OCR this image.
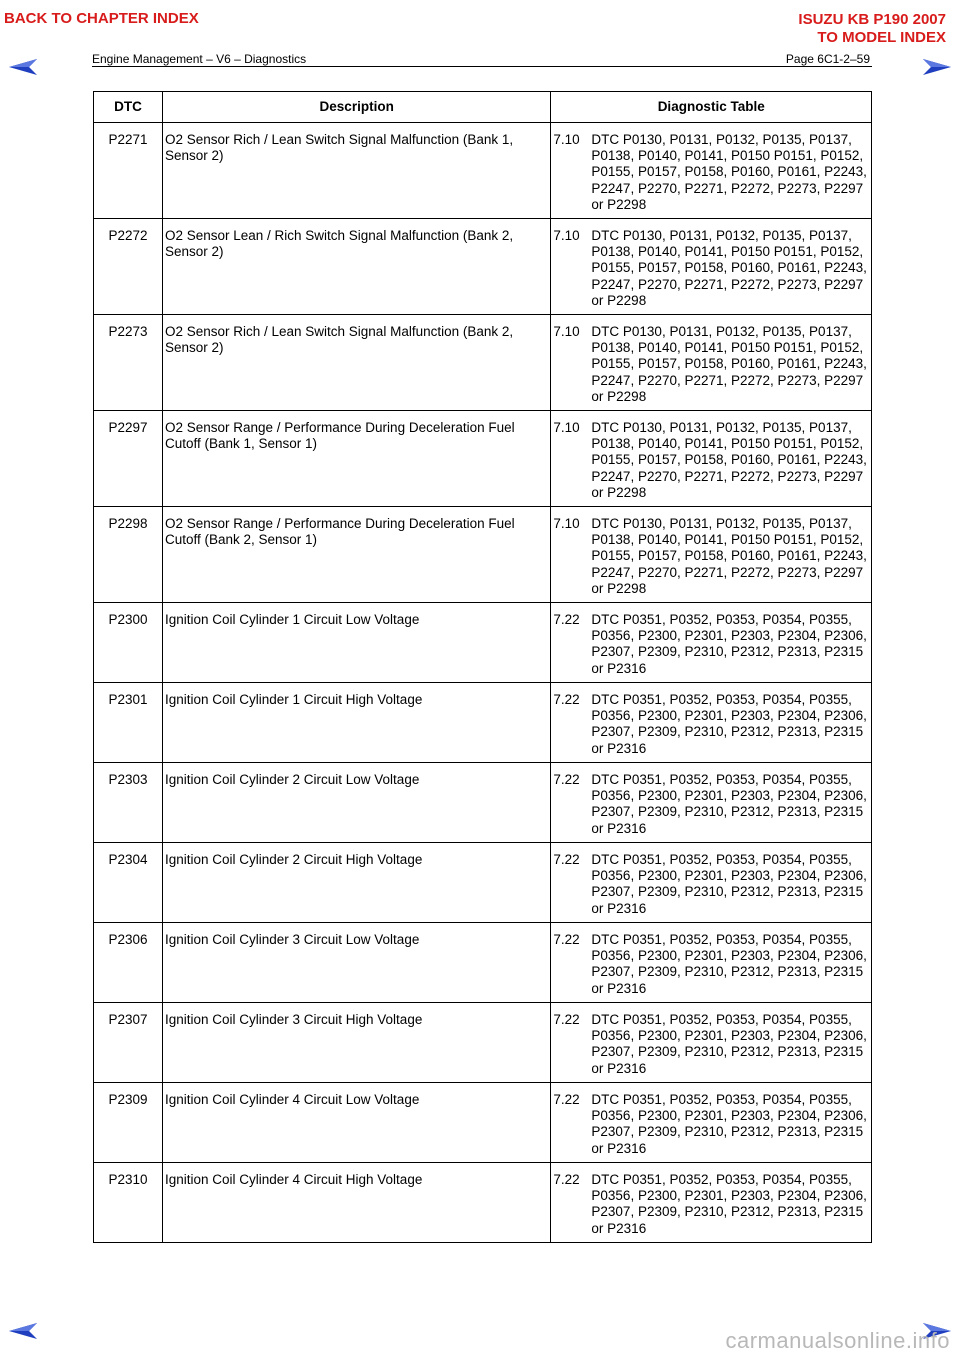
BACK TO CHAPTER INDEX	ISUZU KB P190 2007
TO MODEL INDEX
Engine Management – V6 – Diagnostics	Page 6C1-2–59
DTC	Description	Diagnostic Table
P2271	O2 Sensor Rich / Lean Switch Signal Malfunction (Bank 1, Sensor 2)	7.10 DTC P0130, P0131, P0132, P0135, P0137, P0138, P0140, P0141, P0150 P0151, P0152, P0155, P0157, P0158, P0160, P0161, P2243, P2247, P2270, P2271, P2272, P2273, P2297 or P2298

P2272	O2 Sensor Lean / Rich Switch Signal Malfunction (Bank 2, Sensor 2)	7.10 DTC P0130, P0131, P0132, P0135, P0137, P0138, P0140, P0141, P0150 P0151, P0152, P0155, P0157, P0158, P0160, P0161, P2243, P2247, P2270, P2271, P2272, P2273, P2297 or P2298

P2273	O2 Sensor Rich / Lean Switch Signal Malfunction (Bank 2, Sensor 2)	7.10 DTC P0130, P0131, P0132, P0135, P0137, P0138, P0140, P0141, P0150 P0151, P0152, P0155, P0157, P0158, P0160, P0161, P2243, P2247, P2270, P2271, P2272, P2273, P2297 or P2298

P2297	O2 Sensor Range / Performance During Deceleration Fuel Cutoff (Bank 1, Sensor 1)	7.10 DTC P0130, P0131, P0132, P0135, P0137, P0138, P0140, P0141, P0150 P0151, P0152, P0155, P0157, P0158, P0160, P0161, P2243, P2247, P2270, P2271, P2272, P2273, P2297 or P2298

P2298	O2 Sensor Range / Performance During Deceleration Fuel Cutoff (Bank 2, Sensor 1)	7.10 DTC P0130, P0131, P0132, P0135, P0137, P0138, P0140, P0141, P0150 P0151, P0152, P0155, P0157, P0158, P0160, P0161, P2243, P2247, P2270, P2271, P2272, P2273, P2297 or P2298

P2300	Ignition Coil Cylinder 1 Circuit Low Voltage	7.22 DTC P0351, P0352, P0353, P0354, P0355, P0356, P2300, P2301, P2303, P2304, P2306, P2307, P2309, P2310, P2312, P2313, P2315 or P2316

P2301	Ignition Coil Cylinder 1 Circuit High Voltage	7.22 DTC P0351, P0352, P0353, P0354, P0355, P0356, P2300, P2301, P2303, P2304, P2306, P2307, P2309, P2310, P2312, P2313, P2315 or P2316

P2303	Ignition Coil Cylinder 2 Circuit Low Voltage	7.22 DTC P0351, P0352, P0353, P0354, P0355, P0356, P2300, P2301, P2303, P2304, P2306, P2307, P2309, P2310, P2312, P2313, P2315 or P2316

P2304	Ignition Coil Cylinder 2 Circuit High Voltage	7.22 DTC P0351, P0352, P0353, P0354, P0355, P0356, P2300, P2301, P2303, P2304, P2306, P2307, P2309, P2310, P2312, P2313, P2315 or P2316

P2306	Ignition Coil Cylinder 3 Circuit Low Voltage	7.22 DTC P0351, P0352, P0353, P0354, P0355, P0356, P2300, P2301, P2303, P2304, P2306, P2307, P2309, P2310, P2312, P2313, P2315 or P2316

P2307	Ignition Coil Cylinder 3 Circuit High Voltage	7.22 DTC P0351, P0352, P0353, P0354, P0355, P0356, P2300, P2301, P2303, P2304, P2306, P2307, P2309, P2310, P2312, P2313, P2315 or P2316

P2309	Ignition Coil Cylinder 4 Circuit Low Voltage	7.22 DTC P0351, P0352, P0353, P0354, P0355, P0356, P2300, P2301, P2303, P2304, P2306, P2307, P2309, P2310, P2312, P2313, P2315 or P2316

P2310	Ignition Coil Cylinder 4 Circuit High Voltage	7.22 DTC P0351, P0352, P0353, P0354, P0355, P0356, P2300, P2301, P2303, P2304, P2306, P2307, P2309, P2310, P2312, P2313, P2315 or P2316
carmanualsonline.info
